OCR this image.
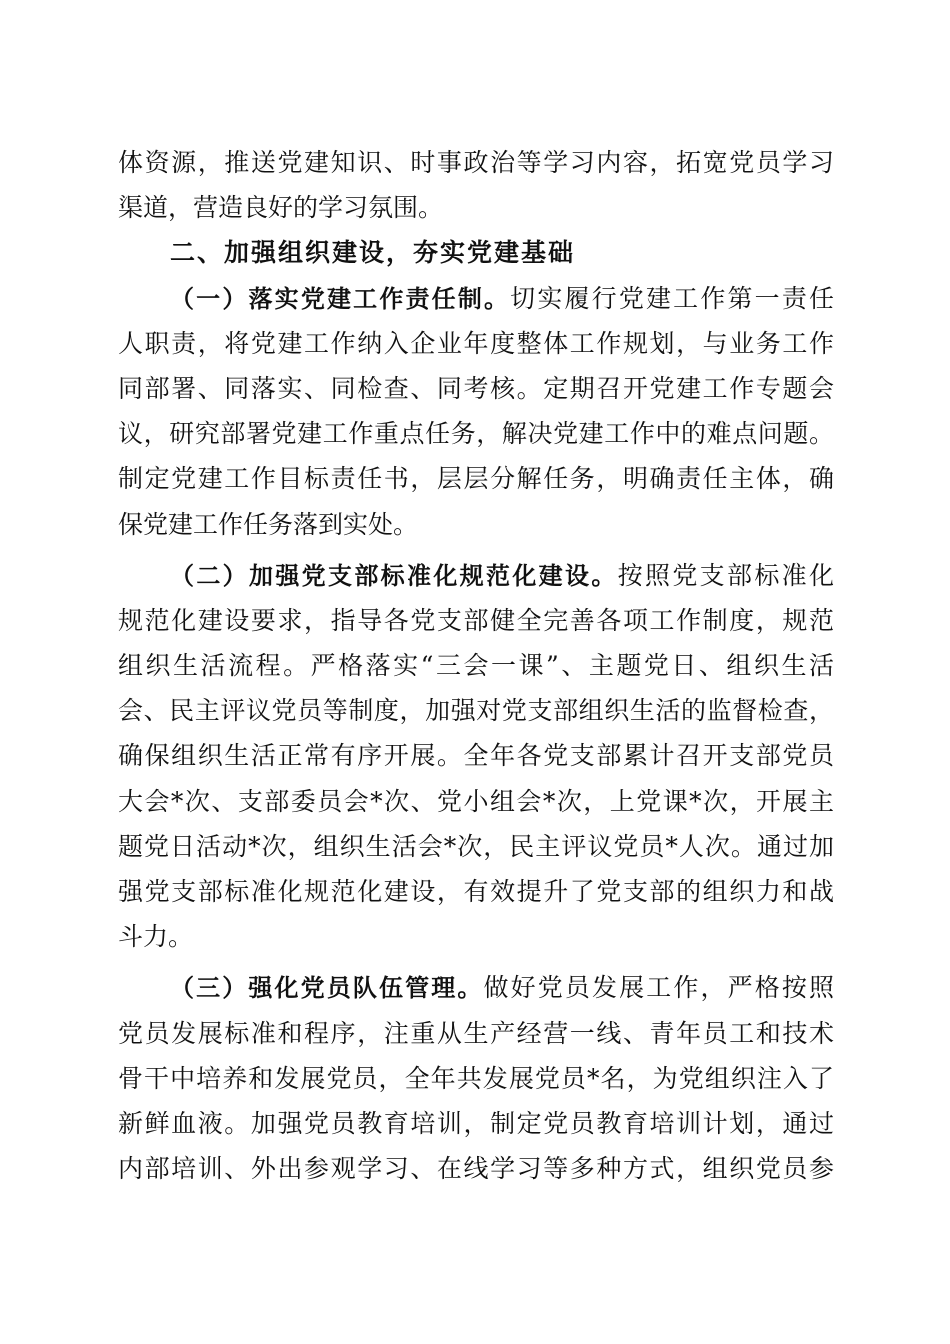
体资源，推送党建知识、时事政治等学习内容，拓宽党员学习
渠道，营造良好的学习氛围。
二、加强组织建设，夯实党建基础
（一）落实党建工作责任制。切实履行党建工作第一责任
人职责，将党建工作纳入企业年度整体工作规划，与业务工作
同部署、同落实、同检查、同考核。定期召开党建工作专题会
议，研究部署党建工作重点任务，解决党建工作中的难点问题。
制定党建工作目标责任书，层层分解任务，明确责任主体，确
保党建工作任务落到实处。
（二）加强党支部标准化规范化建设。按照党支部标准化
规范化建设要求，指导各党支部健全完善各项工作制度，规范
组织生活流程。严格落实“三会一课”、主题党日、组织生活
会、民主评议党员等制度，加强对党支部组织生活的监督检查，
确保组织生活正常有序开展。全年各党支部累计召开支部党员
大会*次、支部委员会*次、党小组会*次，上党课*次，开展主
题党日活动*次，组织生活会*次，民主评议党员*人次。通过加
强党支部标准化规范化建设，有效提升了党支部的组织力和战
斗力。
（三）强化党员队伍管理。做好党员发展工作，严格按照
党员发展标准和程序，注重从生产经营一线、青年员工和技术
骨干中培养和发展党员，全年共发展党员*名，为党组织注入了
新鲜血液。加强党员教育培训，制定党员教育培训计划，通过
内部培训、外出参观学习、在线学习等多种方式，组织党员参
